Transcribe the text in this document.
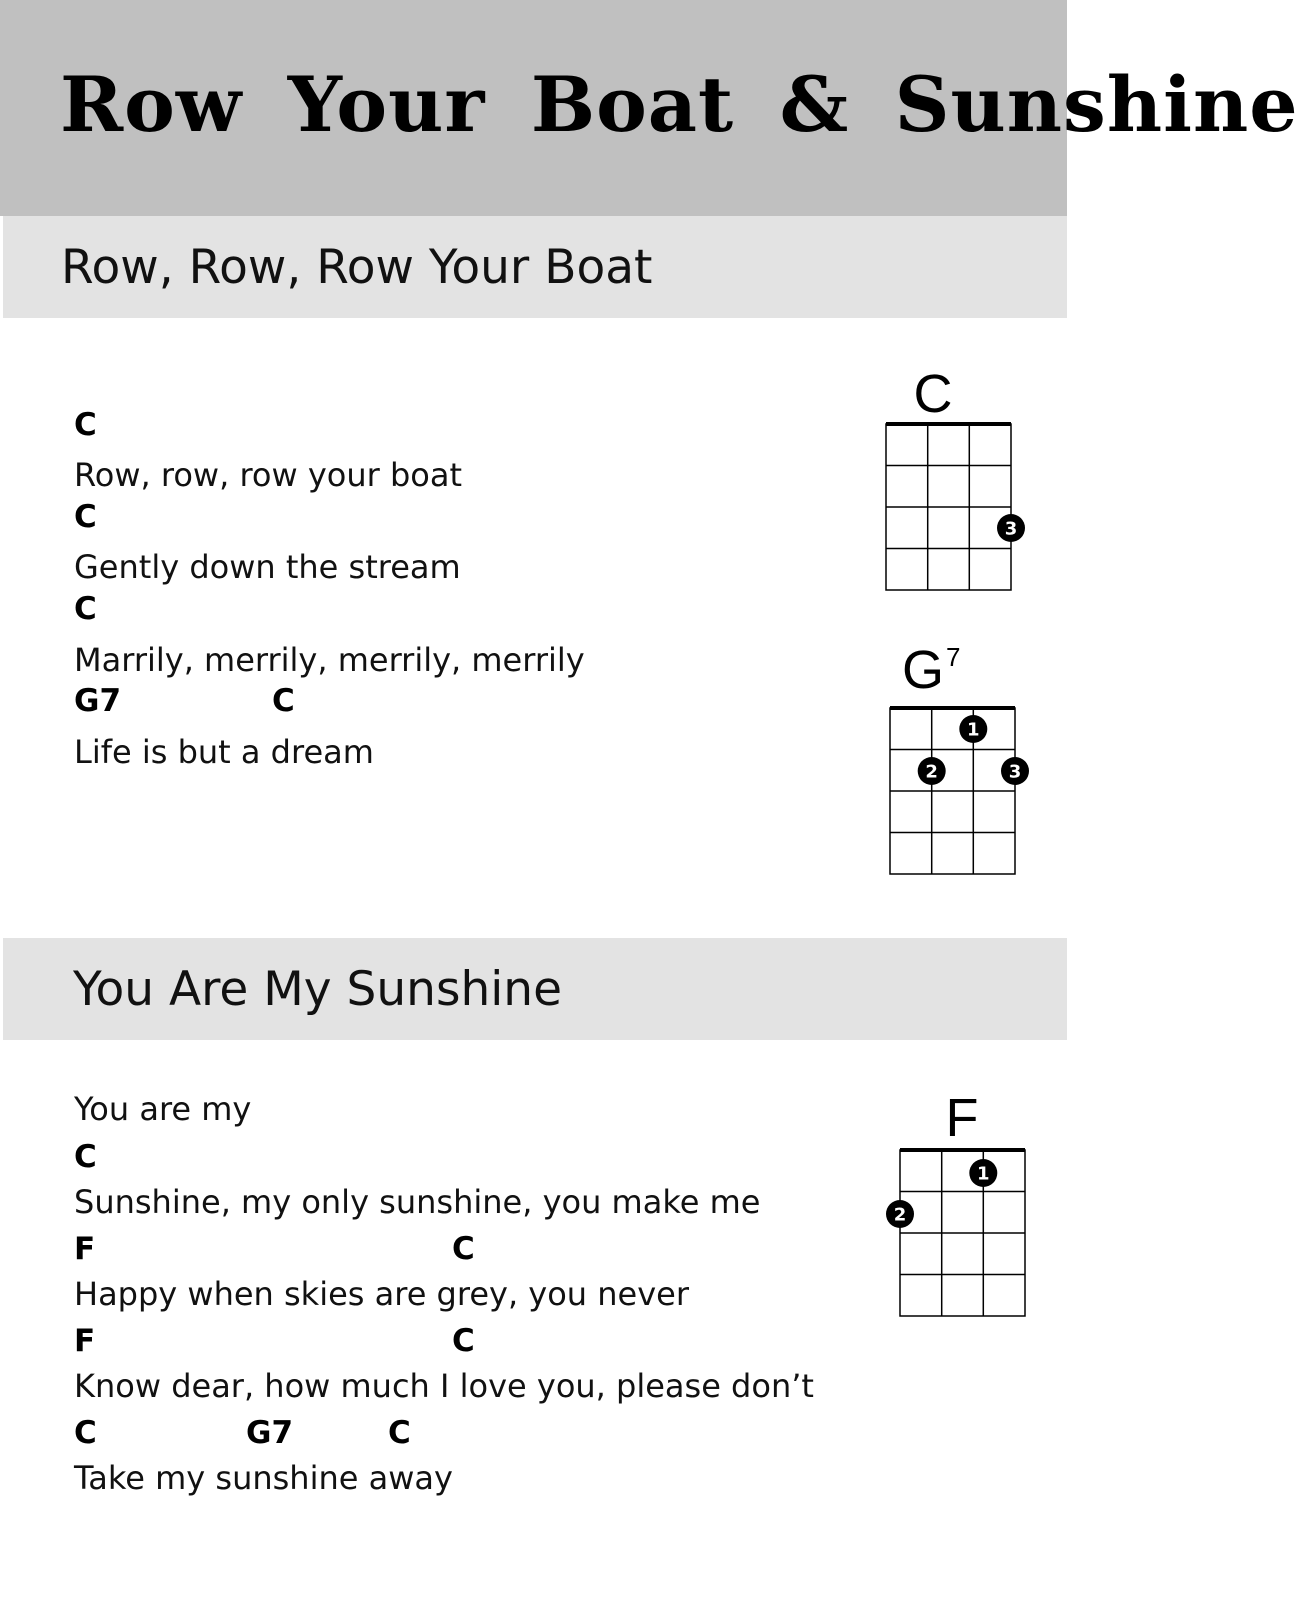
Row Your Boat & Sunshine
Row, Row, Row Your Boat
C
Row, row, row your boat
C
Gently down the stream
C
Marrily, merrily, merrily, merrily
G7	C
Life is but a dream
C
3
$G^7$
1
2	3
You Are My Sunshine
You are my
C
Sunshine, my only sunshine, you make me
F	C
Happy when skies are grey, you never
F	C
Know dear, how much I love you, please don’t
C	G7	C
Take my sunshine away
F
1
2
